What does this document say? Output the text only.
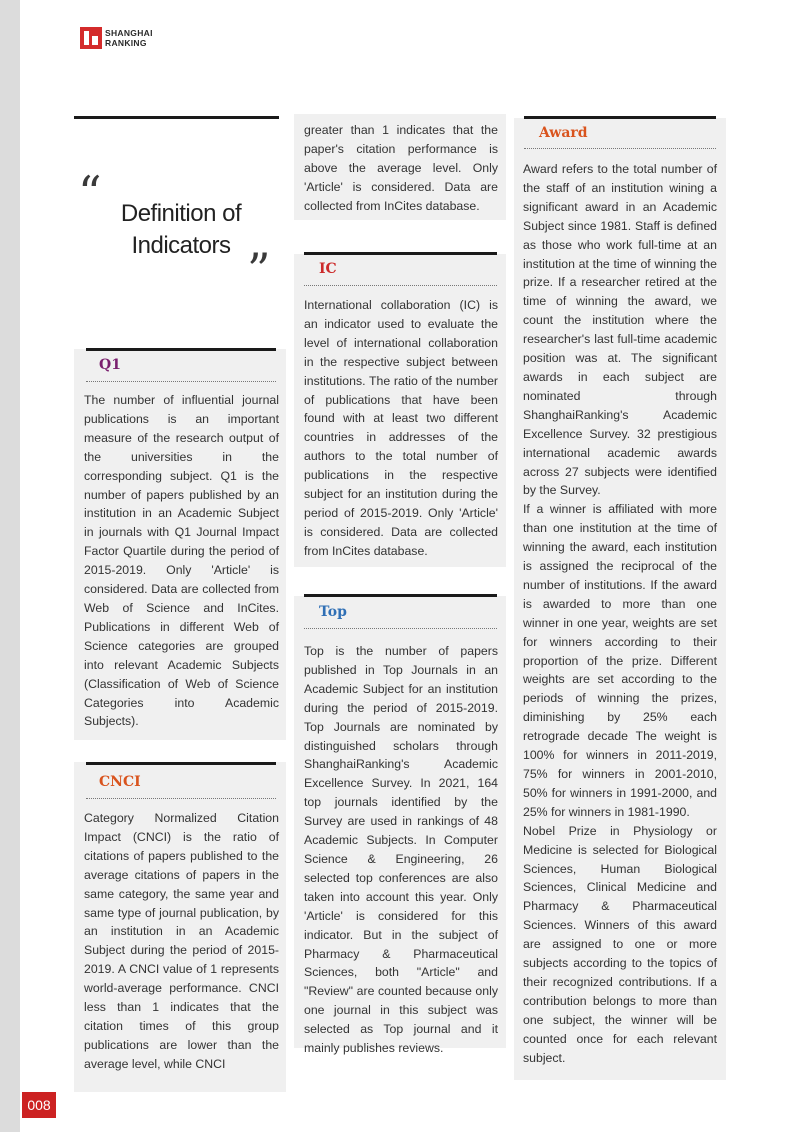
SHANGHAI
RANKING
“ Definition of Indicators ”
Q1
The number of influential journal publications is an important measure of the research output of the universities in the corresponding subject. Q1 is the number of papers published by an institution in an Academic Subject in journals with Q1 Journal Impact Factor Quartile during the period of 2015-2019. Only 'Article' is considered. Data are collected from Web of Science and InCites. Publications in different Web of Science categories are grouped into relevant Academic Subjects (Classification of Web of Science Categories into Academic Subjects).
CNCI
Category Normalized Citation Impact (CNCI) is the ratio of citations of papers published to the average citations of papers in the same category, the same year and same type of journal publication, by an institution in an Academic Subject during the period of 2015-2019. A CNCI value of 1 represents world-average performance. CNCI less than 1 indicates that the citation times of this group publications are lower than the average level, while CNCI
greater than 1 indicates that the paper's citation performance is above the average level. Only 'Article' is considered. Data are collected from InCites database.
IC
International collaboration (IC) is an indicator used to evaluate the level of international collaboration in the respective subject between institutions. The ratio of the number of publications that have been found with at least two different countries in addresses of the authors to the total number of publications in the respective subject for an institution during the period of 2015-2019. Only 'Article' is considered. Data are collected from InCites database.
Top
Top is the number of papers published in Top Journals in an Academic Subject for an institution during the period of 2015-2019. Top Journals are nominated by distinguished scholars through ShanghaiRanking's Academic Excellence Survey. In 2021, 164 top journals identified by the Survey are used in rankings of 48 Academic Subjects. In Computer Science & Engineering, 26 selected top conferences are also taken into account this year. Only 'Article' is considered for this indicator. But in the subject of Pharmacy & Pharmaceutical Sciences, both "Article" and "Review" are counted because only one journal in this subject was selected as Top journal and it mainly publishes reviews.
Award

Award refers to the total number of the staff of an institution wining a significant award in an Academic Subject since 1981. Staff is defined as those who work full-time at an institution at the time of winning the prize. If a researcher retired at the time of winning the award, we count the institution where the researcher's last full-time academic position was at. The significant awards in each subject are nominated through ShanghaiRanking's Academic Excellence Survey. 32 prestigious international academic awards across 27 subjects were identified by the Survey.

If a winner is affiliated with more than one institution at the time of winning the award, each institution is assigned the reciprocal of the number of institutions. If the award is awarded to more than one winner in one year, weights are set for winners according to their proportion of the prize. Different weights are set according to the periods of winning the prizes, diminishing by 25% each retrograde decade The weight is 100% for winners in 2011-2019, 75% for winners in 2001-2010, 50% for winners in 1991-2000, and 25% for winners in 1981-1990.

Nobel Prize in Physiology or Medicine is selected for Biological Sciences, Human Biological Sciences, Clinical Medicine and Pharmacy & Pharmaceutical Sciences. Winners of this award are assigned to one or more subjects according to the topics of their recognized contributions. If a contribution belongs to more than one subject, the winner will be counted once for each relevant subject.

008
